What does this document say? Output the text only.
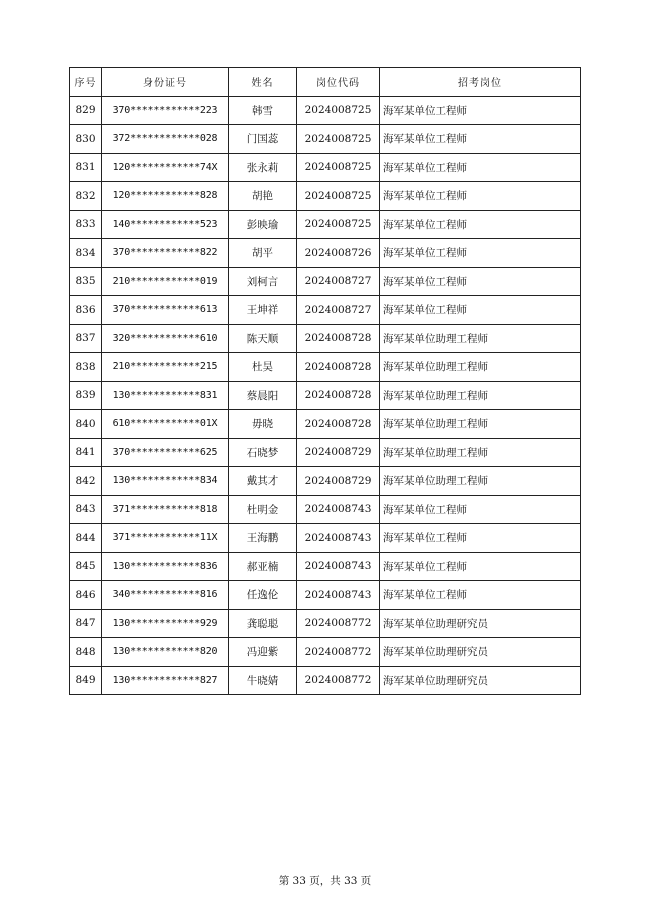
序号	身份证号	姓名	岗位代码	招考岗位
829	370************223	韩雪	2024008725	海军某单位工程师
830	372************028	门国蕊	2024008725	海军某单位工程师
831	120************74X	张永莉	2024008725	海军某单位工程师
832	120************828	胡艳	2024008725	海军某单位工程师
833	140************523	彭映瑜	2024008725	海军某单位工程师
834	370************822	胡平	2024008726	海军某单位工程师
835	210************019	刘柯言	2024008727	海军某单位工程师
836	370************613	王坤祥	2024008727	海军某单位工程师
837	320************610	陈天顺	2024008728	海军某单位助理工程师
838	210************215	杜昊	2024008728	海军某单位助理工程师
839	130************831	蔡晨阳	2024008728	海军某单位助理工程师
840	610************01X	毋晓	2024008728	海军某单位助理工程师
841	370************625	石晓梦	2024008729	海军某单位助理工程师
842	130************834	戴其才	2024008729	海军某单位助理工程师
843	371************818	杜明金	2024008743	海军某单位工程师
844	371************11X	王海鹏	2024008743	海军某单位工程师
845	130************836	郝亚楠	2024008743	海军某单位工程师
846	340************816	任逸伦	2024008743	海军某单位工程师
847	130************929	龚聪聪	2024008772	海军某单位助理研究员
848	130************820	冯迎紫	2024008772	海军某单位助理研究员
849	130************827	牛晓婧	2024008772	海军某单位助理研究员
第 33 页，共 33 页
